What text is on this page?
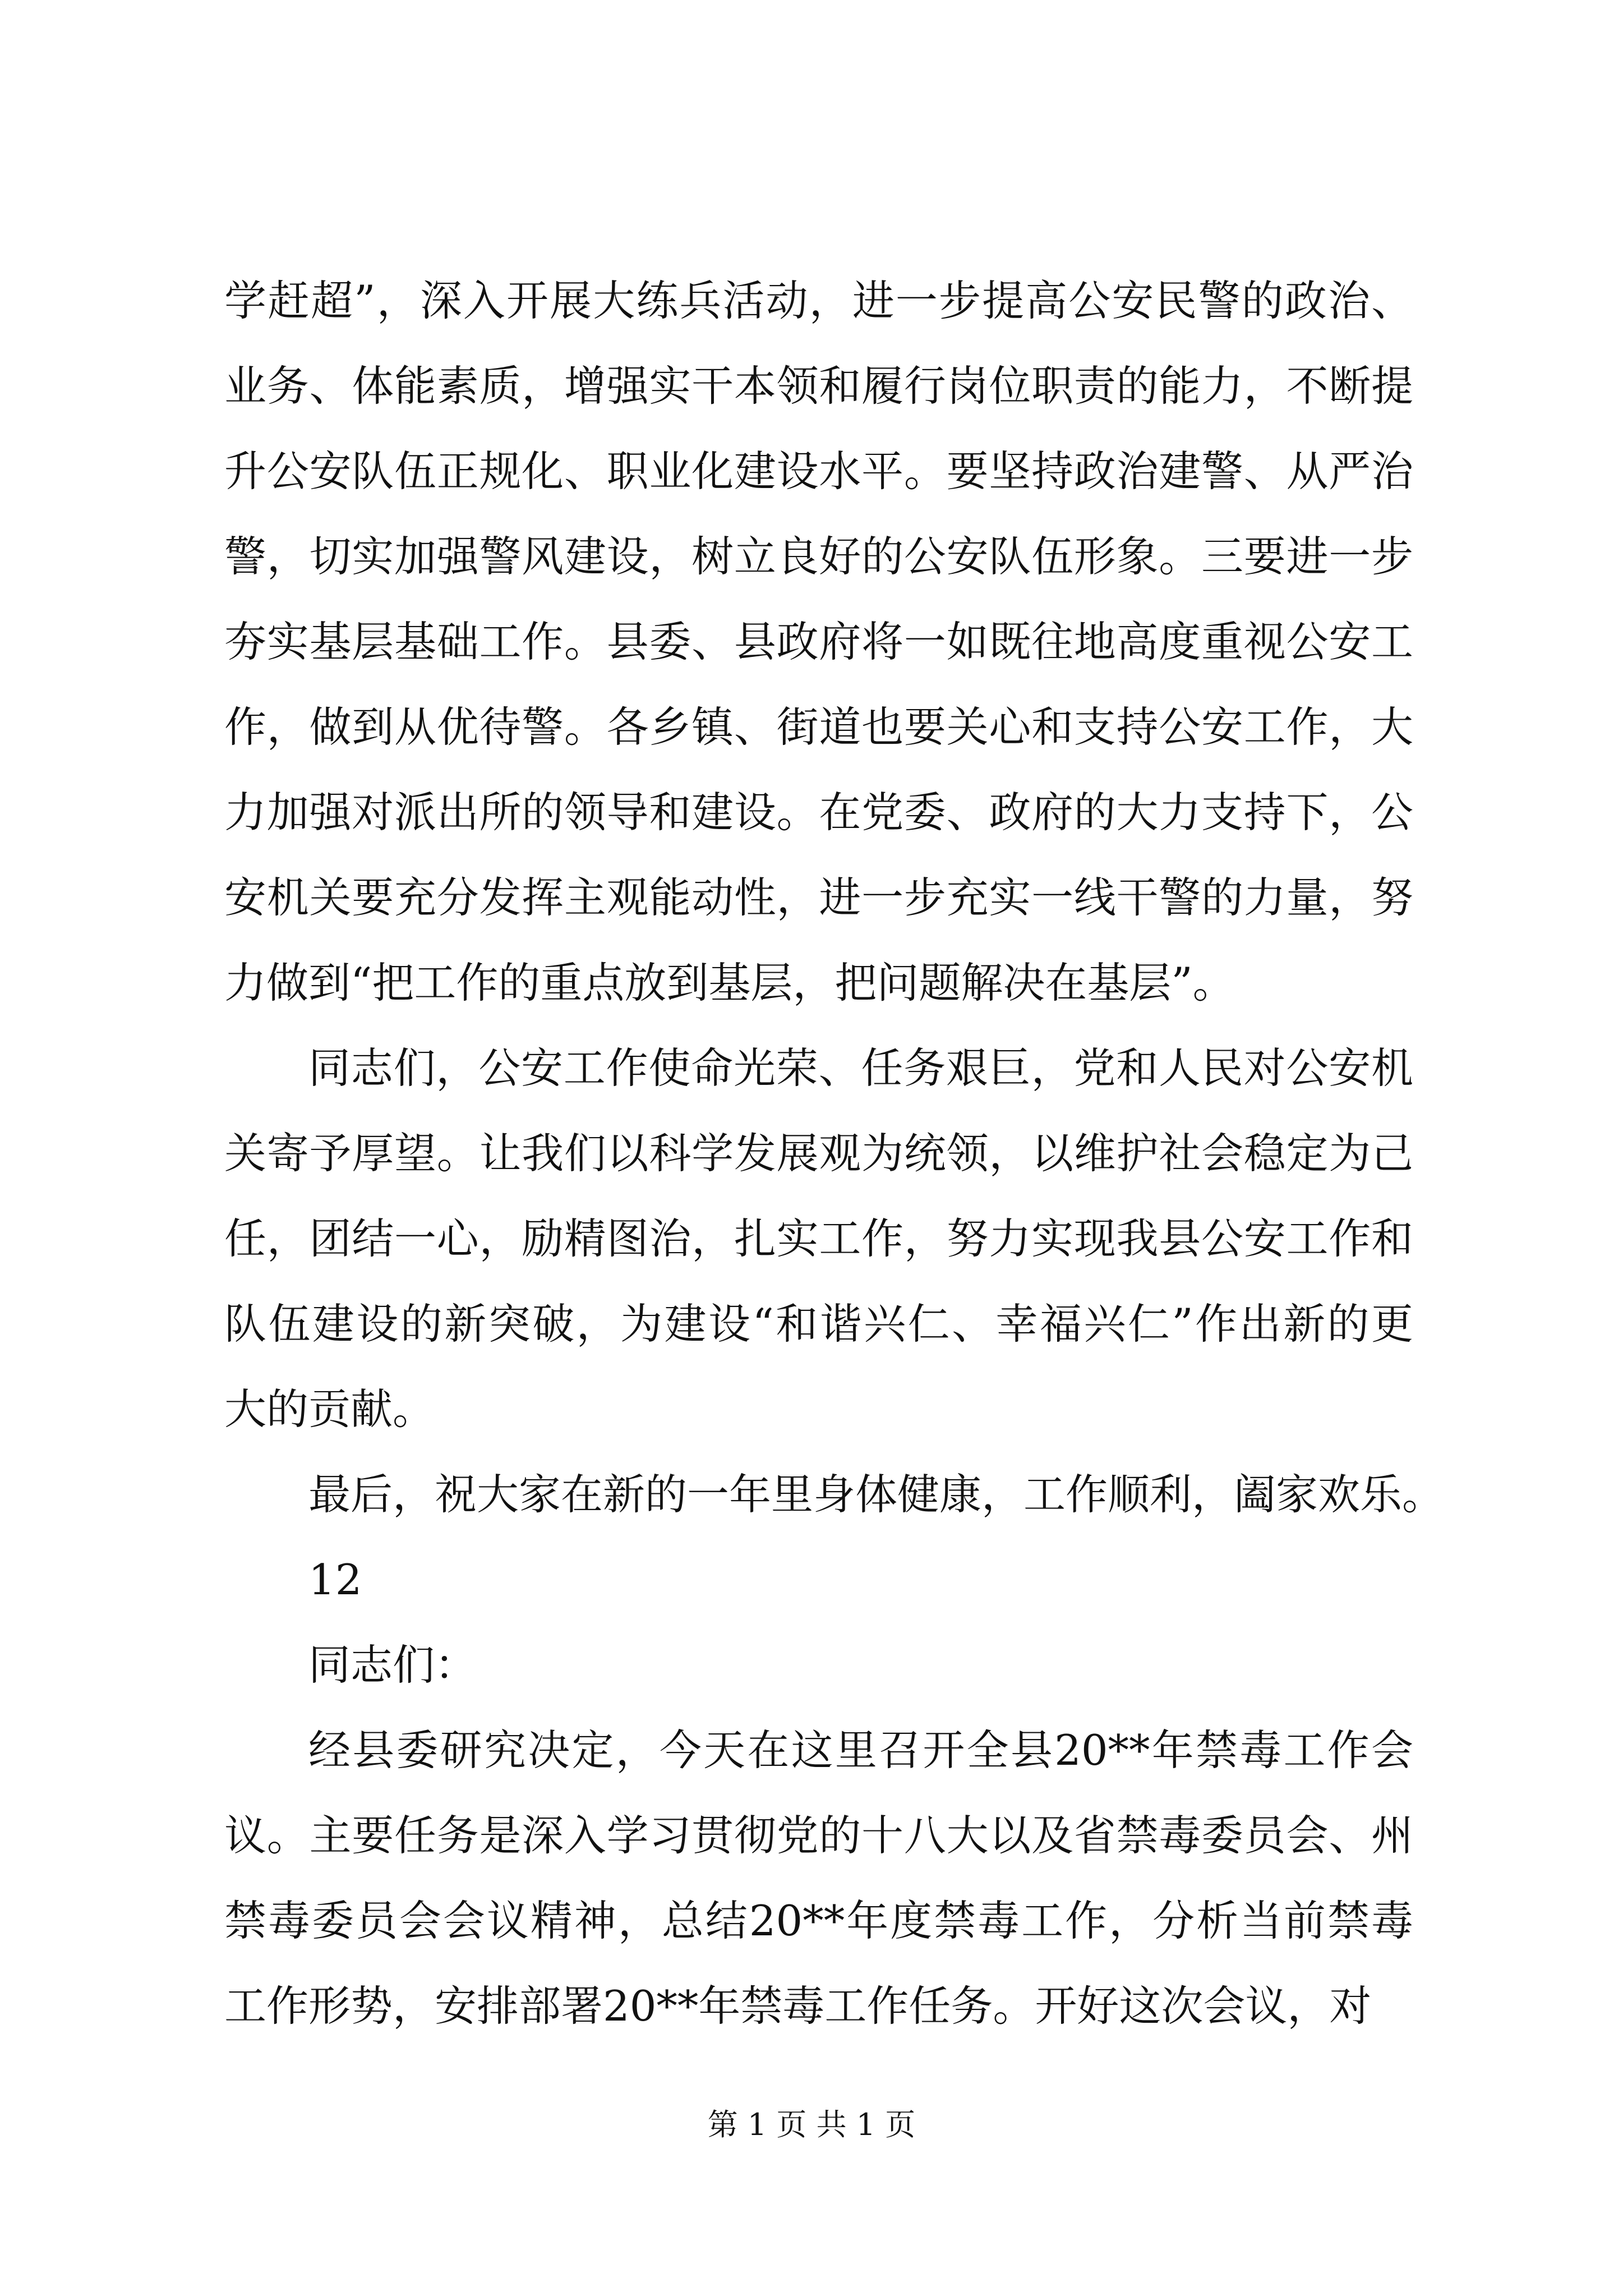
学赶超”，深入开展大练兵活动，进一步提高公安民警的政治、
业务、体能素质，增强实干本领和履行岗位职责的能力，不断提
升公安队伍正规化、职业化建设水平。要坚持政治建警、从严治
警，切实加强警风建设，树立良好的公安队伍形象。三要进一步
夯实基层基础工作。县委、县政府将一如既往地高度重视公安工
作，做到从优待警。各乡镇、街道也要关心和支持公安工作，大
力加强对派出所的领导和建设。在党委、政府的大力支持下，公
安机关要充分发挥主观能动性，进一步充实一线干警的力量，努
力做到“把工作的重点放到基层，把问题解决在基层”。
同志们，公安工作使命光荣、任务艰巨，党和人民对公安机
关寄予厚望。让我们以科学发展观为统领，以维护社会稳定为己
任，团结一心，励精图治，扎实工作，努力实现我县公安工作和
队伍建设的新突破，为建设“和谐兴仁、幸福兴仁”作出新的更
大的贡献。
最后，祝大家在新的一年里身体健康，工作顺利，阖家欢乐。
12
同志们：
经县委研究决定，今天在这里召开全县20**年禁毒工作会
议。主要任务是深入学习贯彻党的十八大以及省禁毒委员会、州
禁毒委员会会议精神，总结20**年度禁毒工作，分析当前禁毒
工作形势，安排部署20**年禁毒工作任务。开好这次会议，对
第 1 页 共 1 页
